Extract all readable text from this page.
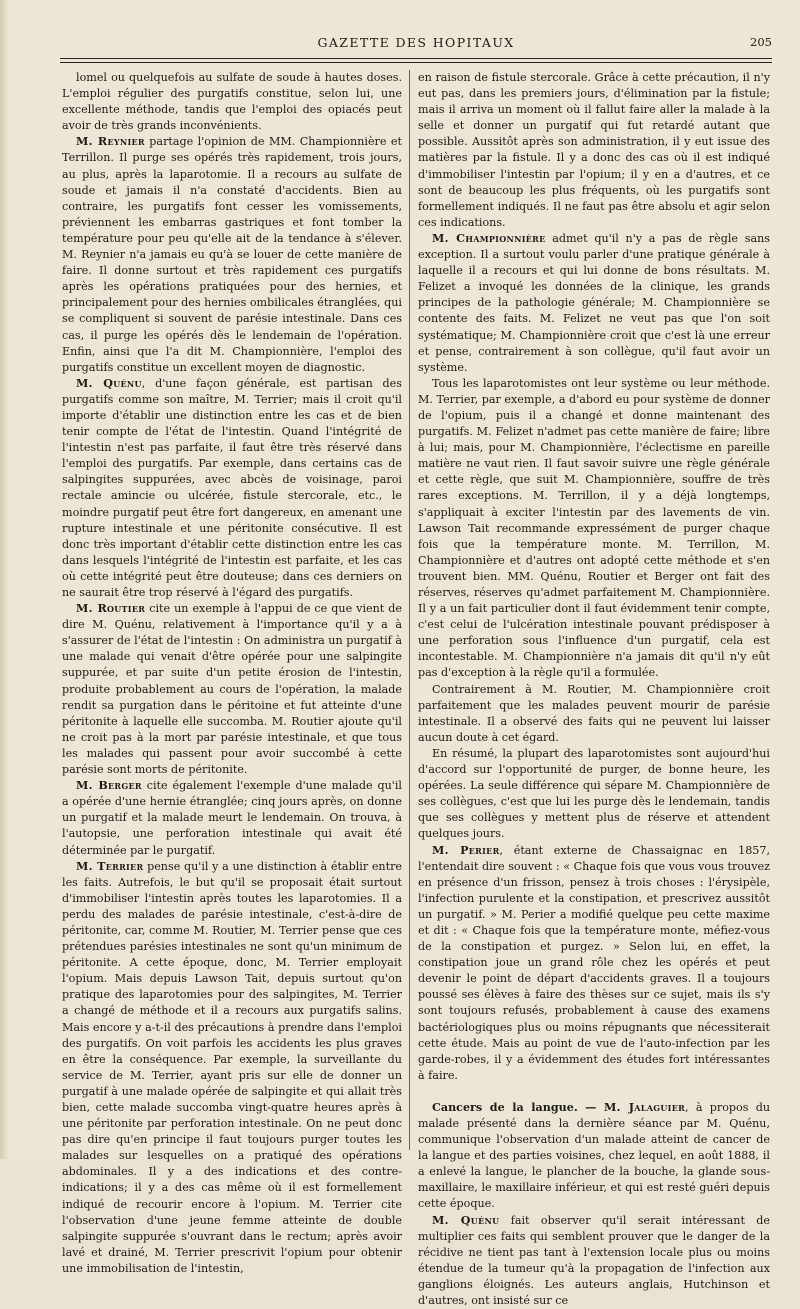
GAZETTE DES HOPITAUX	205

lomel ou quelquefois au sulfate de soude à hautes doses. L'emploi régulier des purgatifs constitue, selon lui, une excellente méthode, tandis que l'emploi des opiacés peut avoir de très grands inconvénients.

M. Reynier partage l'opinion de MM. Championnière et Terrillon. Il purge ses opérés très rapidement, trois jours, au plus, après la laparotomie. Il a recours au sulfate de soude et jamais il n'a constaté d'accidents. Bien au contraire, les purgatifs font cesser les vomissements, préviennent les embarras gastriques et font tomber la température pour peu qu'elle ait de la tendance à s'élever. M. Reynier n'a jamais eu qu'à se louer de cette manière de faire. Il donne surtout et très rapidement ces purgatifs après les opérations pratiquées pour des hernies, et principalement pour des hernies ombilicales étranglées, qui se compliquent si souvent de parésie intestinale. Dans ces cas, il purge les opérés dès le lendemain de l'opération. Enfin, ainsi que l'a dit M. Championnière, l'emploi des purgatifs constitue un excellent moyen de diagnostic.

M. Quénu, d'une façon générale, est partisan des purgatifs comme son maître, M. Terrier; mais il croit qu'il importe d'établir une distinction entre les cas et de bien tenir compte de l'état de l'intestin. Quand l'intégrité de l'intestin n'est pas parfaite, il faut être très réservé dans l'emploi des purgatifs. Par exemple, dans certains cas de salpingites suppurées, avec abcès de voisinage, paroi rectale amincie ou ulcérée, fistule stercorale, etc., le moindre purgatif peut être fort dangereux, en amenant une rupture intestinale et une péritonite consécutive. Il est donc très important d'établir cette distinction entre les cas dans lesquels l'intégrité de l'intestin est parfaite, et les cas où cette intégrité peut être douteuse; dans ces derniers on ne saurait être trop réservé à l'égard des purgatifs.

M. Routier cite un exemple à l'appui de ce que vient de dire M. Quénu, relativement à l'importance qu'il y a à s'assurer de l'état de l'intestin : On administra un purgatif à une malade qui venait d'être opérée pour une salpingite suppurée, et par suite d'un petite érosion de l'intestin, produite probablement au cours de l'opération, la malade rendit sa purgation dans le péritoine et fut atteinte d'une péritonite à laquelle elle succomba. M. Routier ajoute qu'il ne croit pas à la mort par parésie intestinale, et que tous les malades qui passent pour avoir succombé à cette parésie sont morts de péritonite.

M. Berger cite également l'exemple d'une malade qu'il a opérée d'une hernie étranglée; cinq jours après, on donne un purgatif et la malade meurt le lendemain. On trouva, à l'autopsie, une perforation intestinale qui avait été déterminée par le purgatif.

M. Terrier pense qu'il y a une distinction à établir entre les faits. Autrefois, le but qu'il se proposait était surtout d'immobiliser l'intestin après toutes les laparotomies. Il a perdu des malades de parésie intestinale, c'est-à-dire de péritonite, car, comme M. Routier, M. Terrier pense que ces prétendues parésies intestinales ne sont qu'un minimum de péritonite. A cette époque, donc, M. Terrier employait l'opium. Mais depuis Lawson Tait, depuis surtout qu'on pratique des laparotomies pour des salpingites, M. Terrier a changé de méthode et il a recours aux purgatifs salins. Mais encore y a-t-il des précautions à prendre dans l'emploi des purgatifs. On voit parfois les accidents les plus graves en être la conséquence. Par exemple, la surveillante du service de M. Terrier, ayant pris sur elle de donner un purgatif à une malade opérée de salpingite et qui allait très bien, cette malade succomba vingt-quatre heures après à une péritonite par perforation intestinale. On ne peut donc pas dire qu'en principe il faut toujours purger toutes les malades sur lesquelles on a pratiqué des opérations abdominales. Il y a des indications et des contre-indications; il y a des cas même où il est formellement indiqué de recourir encore à l'opium. M. Terrier cite l'observation d'une jeune femme atteinte de double salpingite suppurée s'ouvrant dans le rectum; après avoir lavé et drainé, M. Terrier prescrivit l'opium pour obtenir une immobilisation de l'intestin,

en raison de fistule stercorale. Grâce à cette précaution, il n'y eut pas, dans les premiers jours, d'élimination par la fistule; mais il arriva un moment où il fallut faire aller la malade à la selle et donner un purgatif qui fut retardé autant que possible. Aussitôt après son administration, il y eut issue des matières par la fistule. Il y a donc des cas où il est indiqué d'immobiliser l'intestin par l'opium; il y en a d'autres, et ce sont de beaucoup les plus fréquents, où les purgatifs sont formellement indiqués. Il ne faut pas être absolu et agir selon ces indications.

M. Championnière admet qu'il n'y a pas de règle sans exception. Il a surtout voulu parler d'une pratique générale à laquelle il a recours et qui lui donne de bons résultats. M. Felizet a invoqué les données de la clinique, les grands principes de la pathologie générale; M. Championnière se contente des faits. M. Felizet ne veut pas que l'on soit systématique; M. Championnière croit que c'est là une erreur et pense, contrairement à son collègue, qu'il faut avoir un système.

Tous les laparotomistes ont leur système ou leur méthode. M. Terrier, par exemple, a d'abord eu pour système de donner de l'opium, puis il a changé et donne maintenant des purgatifs. M. Felizet n'admet pas cette manière de faire; libre à lui; mais, pour M. Championnière, l'éclectisme en pareille matière ne vaut rien. Il faut savoir suivre une règle générale et cette règle, que suit M. Championnière, souffre de très rares exceptions. M. Terrillon, il y a déjà longtemps, s'appliquait à exciter l'intestin par des lavements de vin. Lawson Tait recommande expressément de purger chaque fois que la température monte. M. Terrillon, M. Championnière et d'autres ont adopté cette méthode et s'en trouvent bien. MM. Quénu, Routier et Berger ont fait des réserves, réserves qu'admet parfaitement M. Championnière. Il y a un fait particulier dont il faut évidemment tenir compte, c'est celui de l'ulcération intestinale pouvant prédisposer à une perforation sous l'influence d'un purgatif, cela est incontestable. M. Championnière n'a jamais dit qu'il n'y eût pas d'exception à la règle qu'il a formulée.

Contrairement à M. Routier, M. Championnière croit parfaitement que les malades peuvent mourir de parésie intestinale. Il a observé des faits qui ne peuvent lui laisser aucun doute à cet égard.

En résumé, la plupart des laparotomistes sont aujourd'hui d'accord sur l'opportunité de purger, de bonne heure, les opérées. La seule différence qui sépare M. Championnière de ses collègues, c'est que lui les purge dès le lendemain, tandis que ses collègues y mettent plus de réserve et attendent quelques jours.

M. Perier, étant externe de Chassaignac en 1857, l'entendait dire souvent : « Chaque fois que vous vous trouvez en présence d'un frisson, pensez à trois choses : l'érysipèle, l'infection purulente et la constipation, et prescrivez aussitôt un purgatif. » M. Perier a modifié quelque peu cette maxime et dit : « Chaque fois que la température monte, méfiez-vous de la constipation et purgez. » Selon lui, en effet, la constipation joue un grand rôle chez les opérés et peut devenir le point de départ d'accidents graves. Il a toujours poussé ses élèves à faire des thèses sur ce sujet, mais ils s'y sont toujours refusés, probablement à cause des examens bactériologiques plus ou moins répugnants que nécessiterait cette étude. Mais au point de vue de l'auto-infection par les garde-robes, il y a évidemment des études fort intéressantes à faire.

Cancers de la langue. — M. Jalaguier, à propos du malade présenté dans la dernière séance par M. Quénu, communique l'observation d'un malade atteint de cancer de la langue et des parties voisines, chez lequel, en août 1888, il a enlevé la langue, le plancher de la bouche, la glande sous-maxillaire, le maxillaire inférieur, et qui est resté guéri depuis cette époque.

M. Quénu fait observer qu'il serait intéressant de multiplier ces faits qui semblent prouver que le danger de la récidive ne tient pas tant à l'extension locale plus ou moins étendue de la tumeur qu'à la propagation de l'infection aux ganglions éloignés. Les auteurs anglais, Hutchinson et d'autres, ont insisté sur ce
